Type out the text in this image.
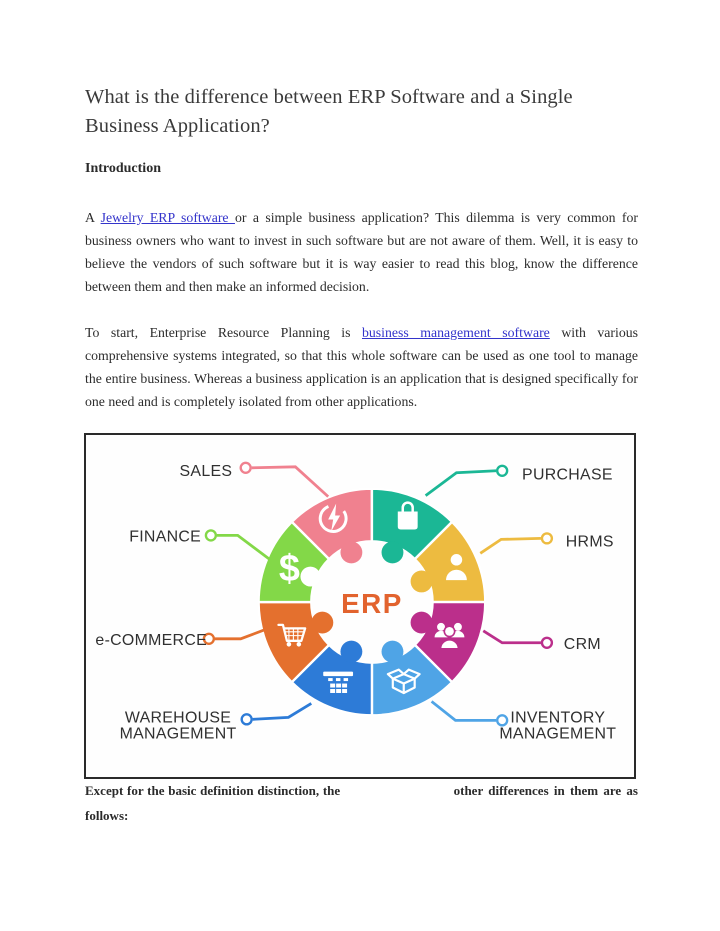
What is the difference between ERP Software and a Single Business Application?
Introduction

A Jewelry ERP software or a simple business application? This dilemma is very common for business owners who want to invest in such software but are not aware of them. Well, it is easy to believe the vendors of such software but it is way easier to read this blog, know the difference between them and then make an informed decision.

To start, Enterprise Resource Planning is business management software with various comprehensive systems integrated, so that this whole software can be used as one tool to manage the entire business. Whereas a business application is an application that is designed specifically for one need and is completely isolated from other applications.

$
SALES	PURCHASE
HRMS
CRM
INVENTORY MANAGEMENT
WAREHOUSE MANAGEMENT
e-COMMERCE
FINANCE
ERP
Except for the basic definition distinction, the	other differences in them are as
follows:
